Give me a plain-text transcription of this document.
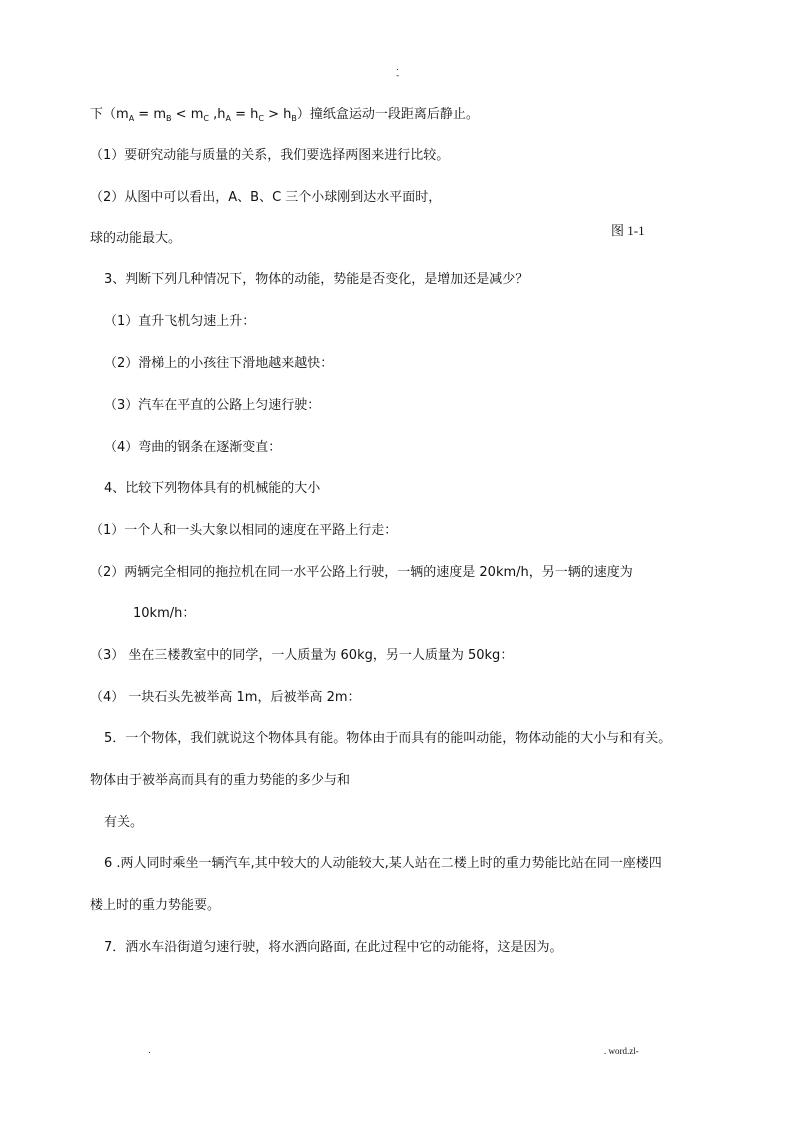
.
-
下（$m_A = m_B < m_C$ $,h_A = h_C > h_B$）撞纸盒运动一段距离后静止。
（1）要研究动能与质量的关系，我们要选择两图来进行比较。
（2）从图中可以看出，A、B、C 三个小球刚到达水平面时，
图 1-1
球的动能最大。
3、判断下列几种情况下，物体的动能，势能是否变化，是增加还是减少？
（1）直升飞机匀速上升：
（2）滑梯上的小孩往下滑地越来越快：
（3）汽车在平直的公路上匀速行驶：
（4）弯曲的钢条在逐渐变直：
4、比较下列物体具有的机械能的大小
（1）一个人和一头大象以相同的速度在平路上行走：
（2）两辆完全相同的拖拉机在同一水平公路上行驶，一辆的速度是 20km/h，另一辆的速度为
10km/h：
（3） 坐在三楼教室中的同学，一人质量为 60kg，另一人质量为 50kg：
（4） 一块石头先被举高 1m，后被举高 2m：
5．一个物体，我们就说这个物体具有能。物体由于而具有的能叫动能，物体动能的大小与和有关。
物体由于被举高而具有的重力势能的多少与和
有关。
6 .两人同时乘坐一辆汽车,其中较大的人动能较大,某人站在二楼上时的重力势能比站在同一座楼四
楼上时的重力势能要。
7．洒水车沿街道匀速行驶，将水洒向路面, 在此过程中它的动能将，这是因为。
.	. word.zl-
